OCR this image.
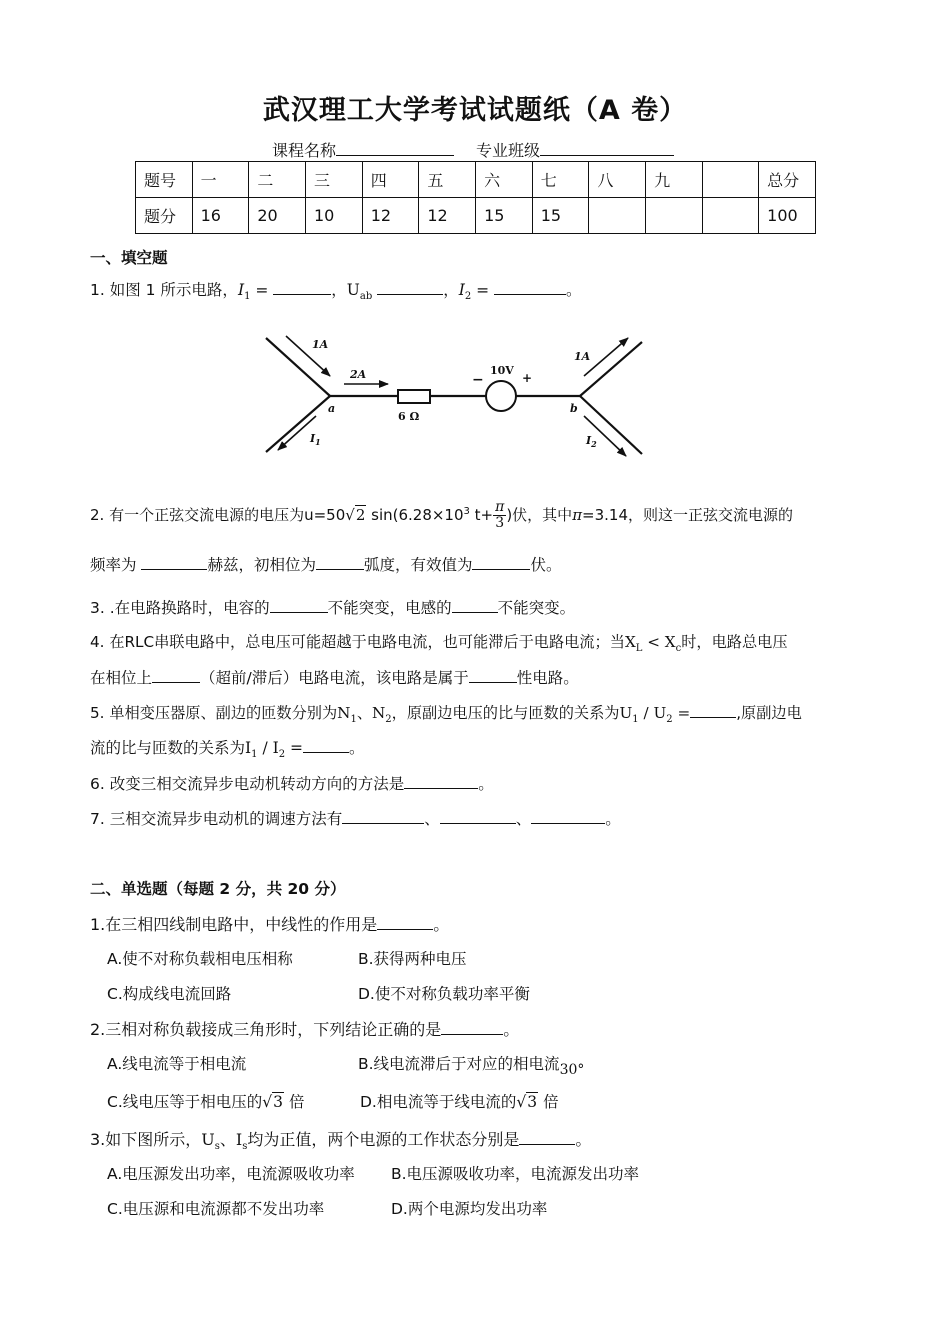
武汉理工大学考试试题纸（A 卷）
课程名称	专业班级
题号	一	二	三	四	五	六	七	八	九		总分
题分	16	20	10	12	12	15	15				100
一、填空题
1. 如图 1 所示电路，$I_1$ =	，$U_{ab}$	，$I_2$ =	。
1A
2A
$I_1$
a	b
1A
$I_2$
6 Ω
10V
−	+
2. 有一个正弦交流电源的电压为u=50√2 $\sin(6.28\times 10^3$ $t+ \frac{\pi}{3}$ )伏，其中π=3.14，则这一正弦交流电源的
频率为	赫兹，初相位为	弧度，有效值为	伏。
3. .在电路换路时，电容的	不能突变，电感的	不能突变。
4. 在RLC串联电路中，总电压可能超越于电路电流，也可能滞后于电路电流；当$X_L < X_c$时，电路总电压
在相位上	（超前/滞后）电路电流，该电路是属于	性电路。
5. 单相变压器原、副边的匝数分别为$N_1$、$N_2$，原副边电压的比与匝数的关系为$U_1 / U_2$ =	,原副边电
流的比与匝数的关系为$I_1 / I_2$ =	。
6. 改变三相交流异步电动机转动方向的方法是	。
7. 三相交流异步电动机的调速方法有	、	、	。
二、单选题（每题 2 分，共 20 分）
1.在三相四线制电路中，中线性的作用是	。
A.使不对称负载相电压相称	B.获得两种电压
C.构成线电流回路	D.使不对称负载功率平衡
2.三相对称负载接成三角形时，下列结论正确的是	。
A.线电流等于相电流	B.线电流滞后于对应的相电流30°
C.线电压等于相电压的√3 倍	D.相电流等于线电流的√3 倍
3.如下图所示，$U_s$、$I_s$均为正值，两个电源的工作状态分别是	。
A.电压源发出功率，电流源吸收功率 B.电压源吸收功率，电流源发出功率
C.电压源和电流源都不发出功率	D.两个电源均发出功率
